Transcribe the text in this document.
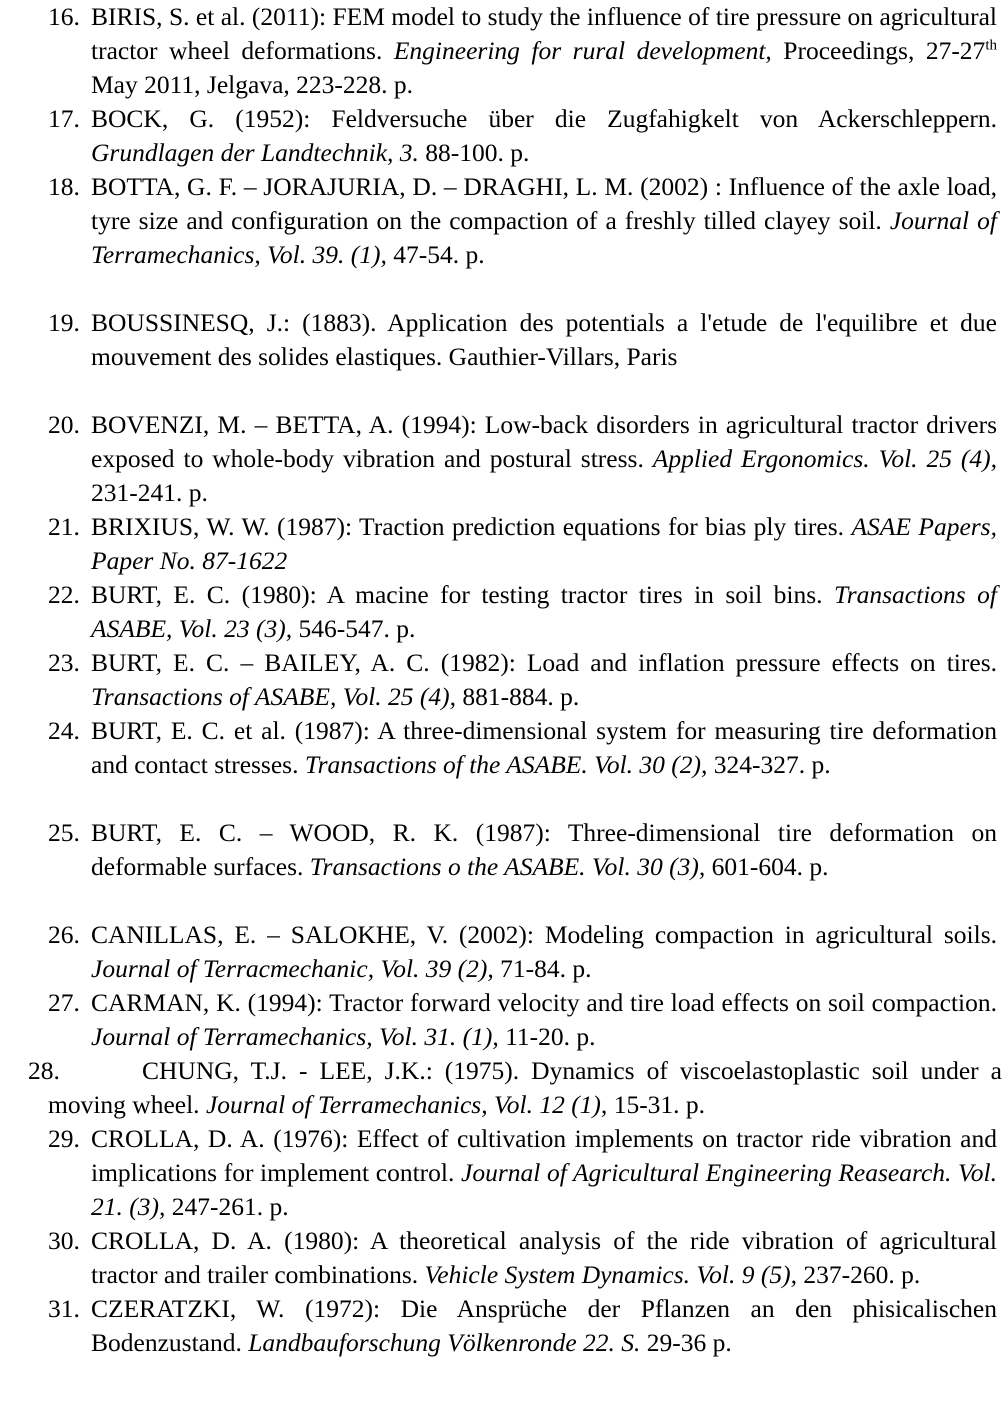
16. BIRIS, S. et al. (2011): FEM model to study the influence of tire pressure on agricultural tractor wheel deformations. Engineering for rural development, Proceedings, 27-27th May 2011, Jelgava, 223-228. p.
17. BOCK, G. (1952): Feldversuche über die Zugfahigkelt von Ackerschleppern. Grundlagen der Landtechnik, 3. 88-100. p.
18. BOTTA, G. F. – JORAJURIA, D. – DRAGHI, L. M. (2002) : Influence of the axle load, tyre size and configuration on the compaction of a freshly tilled clayey soil. Journal of Terramechanics, Vol. 39. (1), 47-54. p.
19. BOUSSINESQ, J.: (1883). Application des potentials a l'etude de l'equilibre et due mouvement des solides elastiques. Gauthier-Villars, Paris
20. BOVENZI, M. – BETTA, A. (1994): Low-back disorders in agricultural tractor drivers exposed to whole-body vibration and postural stress. Applied Ergonomics. Vol. 25 (4), 231-241. p.
21. BRIXIUS, W. W. (1987): Traction prediction equations for bias ply tires. ASAE Papers, Paper No. 87-1622
22. BURT, E. C. (1980): A macine for testing tractor tires in soil bins. Transactions of ASABE, Vol. 23 (3), 546-547. p.
23. BURT, E. C. – BAILEY, A. C. (1982): Load and inflation pressure effects on tires. Transactions of ASABE, Vol. 25 (4), 881-884. p.
24. BURT, E. C. et al. (1987): A three-dimensional system for measuring tire deformation and contact stresses. Transactions of the ASABE. Vol. 30 (2), 324-327. p.
25. BURT, E. C. – WOOD, R. K. (1987): Three-dimensional tire deformation on deformable surfaces. Transactions o the ASABE. Vol. 30 (3), 601-604. p.
26. CANILLAS, E. – SALOKHE, V. (2002): Modeling compaction in agricultural soils. Journal of Terracmechanic, Vol. 39 (2), 71-84. p.
27. CARMAN, K. (1994): Tractor forward velocity and tire load effects on soil compaction. Journal of Terramechanics, Vol. 31. (1), 11-20. p.
28.	CHUNG, T.J. - LEE, J.K.: (1975). Dynamics of viscoelastoplastic soil under a moving wheel. Journal of Terramechanics, Vol. 12 (1), 15-31. p.
29. CROLLA, D. A. (1976): Effect of cultivation implements on tractor ride vibration and implications for implement control. Journal of Agricultural Engineering Reasearch. Vol. 21. (3), 247-261. p.
30. CROLLA, D. A. (1980): A theoretical analysis of the ride vibration of agricultural tractor and trailer combinations. Vehicle System Dynamics. Vol. 9 (5), 237-260. p.
31. CZERATZKI, W. (1972): Die Ansprüche der Pflanzen an den phisicalischen Bodenzustand. Landbauforschung Völkenronde 22. S. 29-36 p.
